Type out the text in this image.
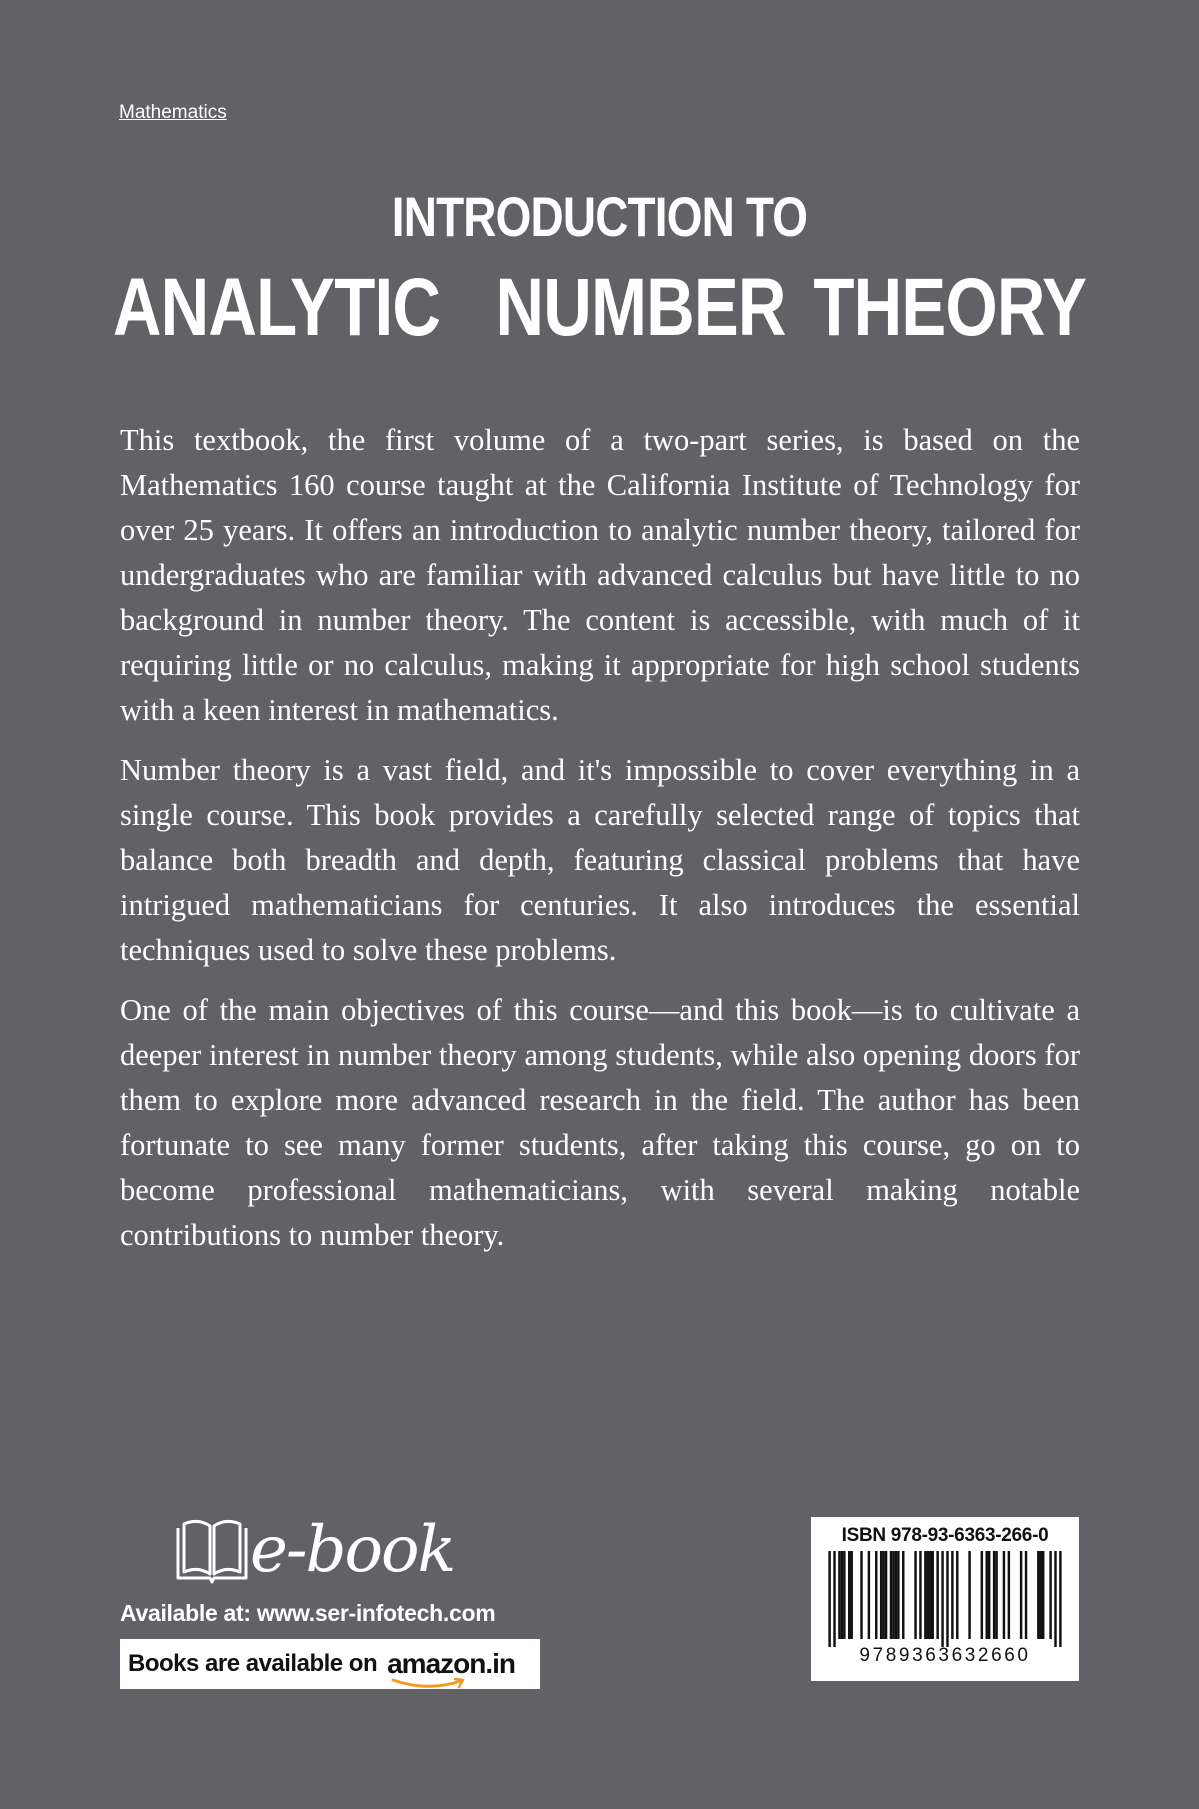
Mathematics
INTRODUCTION TO
ANALYTIC  NUMBER THEORY

This textbook, the first volume of a two-part series, is based on the Mathematics 160 course taught at the California Institute of Technology for over 25 years. It offers an introduction to analytic number theory, tailored for undergraduates who are familiar with advanced calculus but have little to no background in number theory. The content is accessible, with much of it requiring little or no calculus, making it appropriate for high school students with a keen interest in mathematics.

Number theory is a vast field, and it's impossible to cover everything in a single course. This book provides a carefully selected range of topics that balance both breadth and depth, featuring classical problems that have intrigued mathematicians for centuries. It also introduces the essential techniques used to solve these problems.

One of the main objectives of this course—and this book—is to cultivate a deeper interest in number theory among students, while also opening doors for them to explore more advanced research in the field. The author has been fortunate to see many former students, after taking this course, go on to become professional mathematicians, with several making notable contributions to number theory.

e-book
Available at: www.ser-infotech.com
Books are available on amazon.in
ISBN 978-93-6363-266-0
9789363632660
